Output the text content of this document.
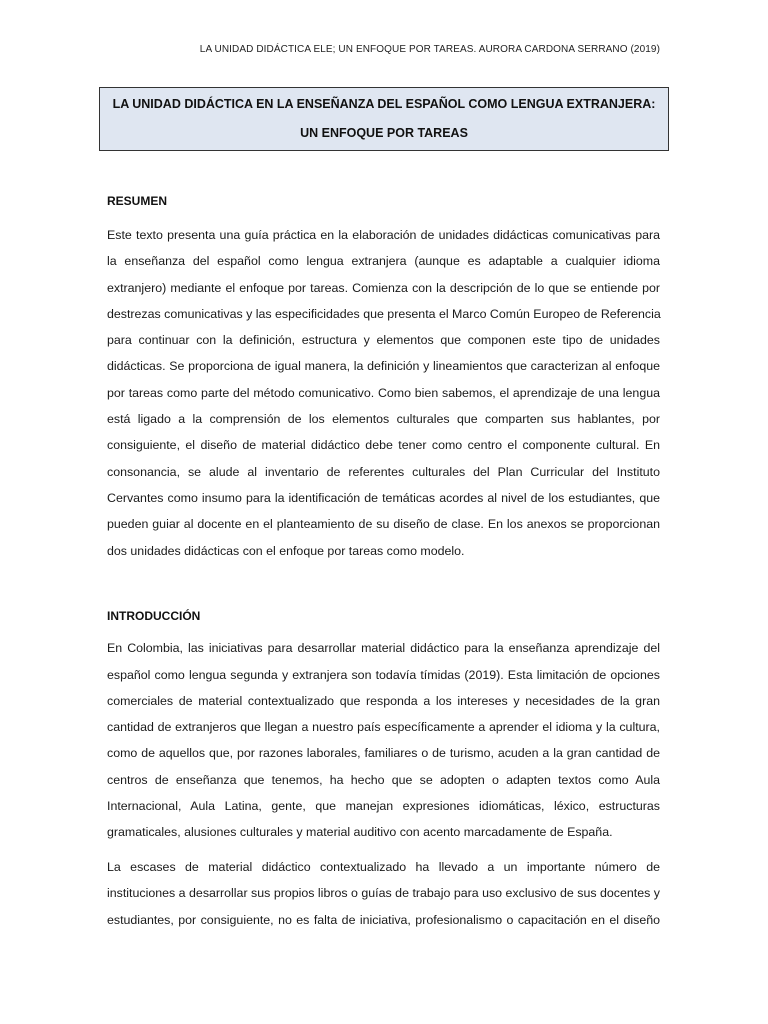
LA UNIDAD DIDÁCTICA ELE; UN ENFOQUE POR TAREAS. AURORA CARDONA SERRANO (2019)
LA UNIDAD DIDÁCTICA EN LA ENSEÑANZA DEL ESPAÑOL COMO LENGUA EXTRANJERA:
UN ENFOQUE POR TAREAS
RESUMEN
Este texto presenta una guía práctica en la elaboración de unidades didácticas comunicativas para
la enseñanza del español como lengua extranjera (aunque es adaptable a cualquier idioma
extranjero) mediante el enfoque por tareas. Comienza con la descripción de lo que se entiende por
destrezas comunicativas y las especificidades que presenta el Marco Común Europeo de Referencia
para continuar con la definición, estructura y elementos que componen este tipo de unidades
didácticas. Se proporciona de igual manera, la definición y lineamientos que caracterizan al enfoque
por tareas como parte del método comunicativo. Como bien sabemos, el aprendizaje de una lengua
está ligado a la comprensión de los elementos culturales que comparten sus hablantes, por
consiguiente, el diseño de material didáctico debe tener como centro el componente cultural. En
consonancia, se alude al inventario de referentes culturales del Plan Curricular del Instituto
Cervantes como insumo para la identificación de temáticas acordes al nivel de los estudiantes, que
pueden guiar al docente en el planteamiento de su diseño de clase. En los anexos se proporcionan
dos unidades didácticas con el enfoque por tareas como modelo.
INTRODUCCIÓN
En Colombia, las iniciativas para desarrollar material didáctico para la enseñanza aprendizaje del
español como lengua segunda y extranjera son todavía tímidas (2019). Esta limitación de opciones
comerciales de material contextualizado que responda a los intereses y necesidades de la gran
cantidad de extranjeros que llegan a nuestro país específicamente a aprender el idioma y la cultura,
como de aquellos que, por razones laborales, familiares o de turismo, acuden a la gran cantidad de
centros de enseñanza que tenemos, ha hecho que se adopten o adapten textos como Aula
Internacional, Aula Latina, gente, que manejan expresiones idiomáticas, léxico, estructuras
gramaticales, alusiones culturales y material auditivo con acento marcadamente de España.
La escases de material didáctico contextualizado ha llevado a un importante número de
instituciones a desarrollar sus propios libros o guías de trabajo para uso exclusivo de sus docentes y
estudiantes, por consiguiente, no es falta de iniciativa, profesionalismo o capacitación en el diseño
